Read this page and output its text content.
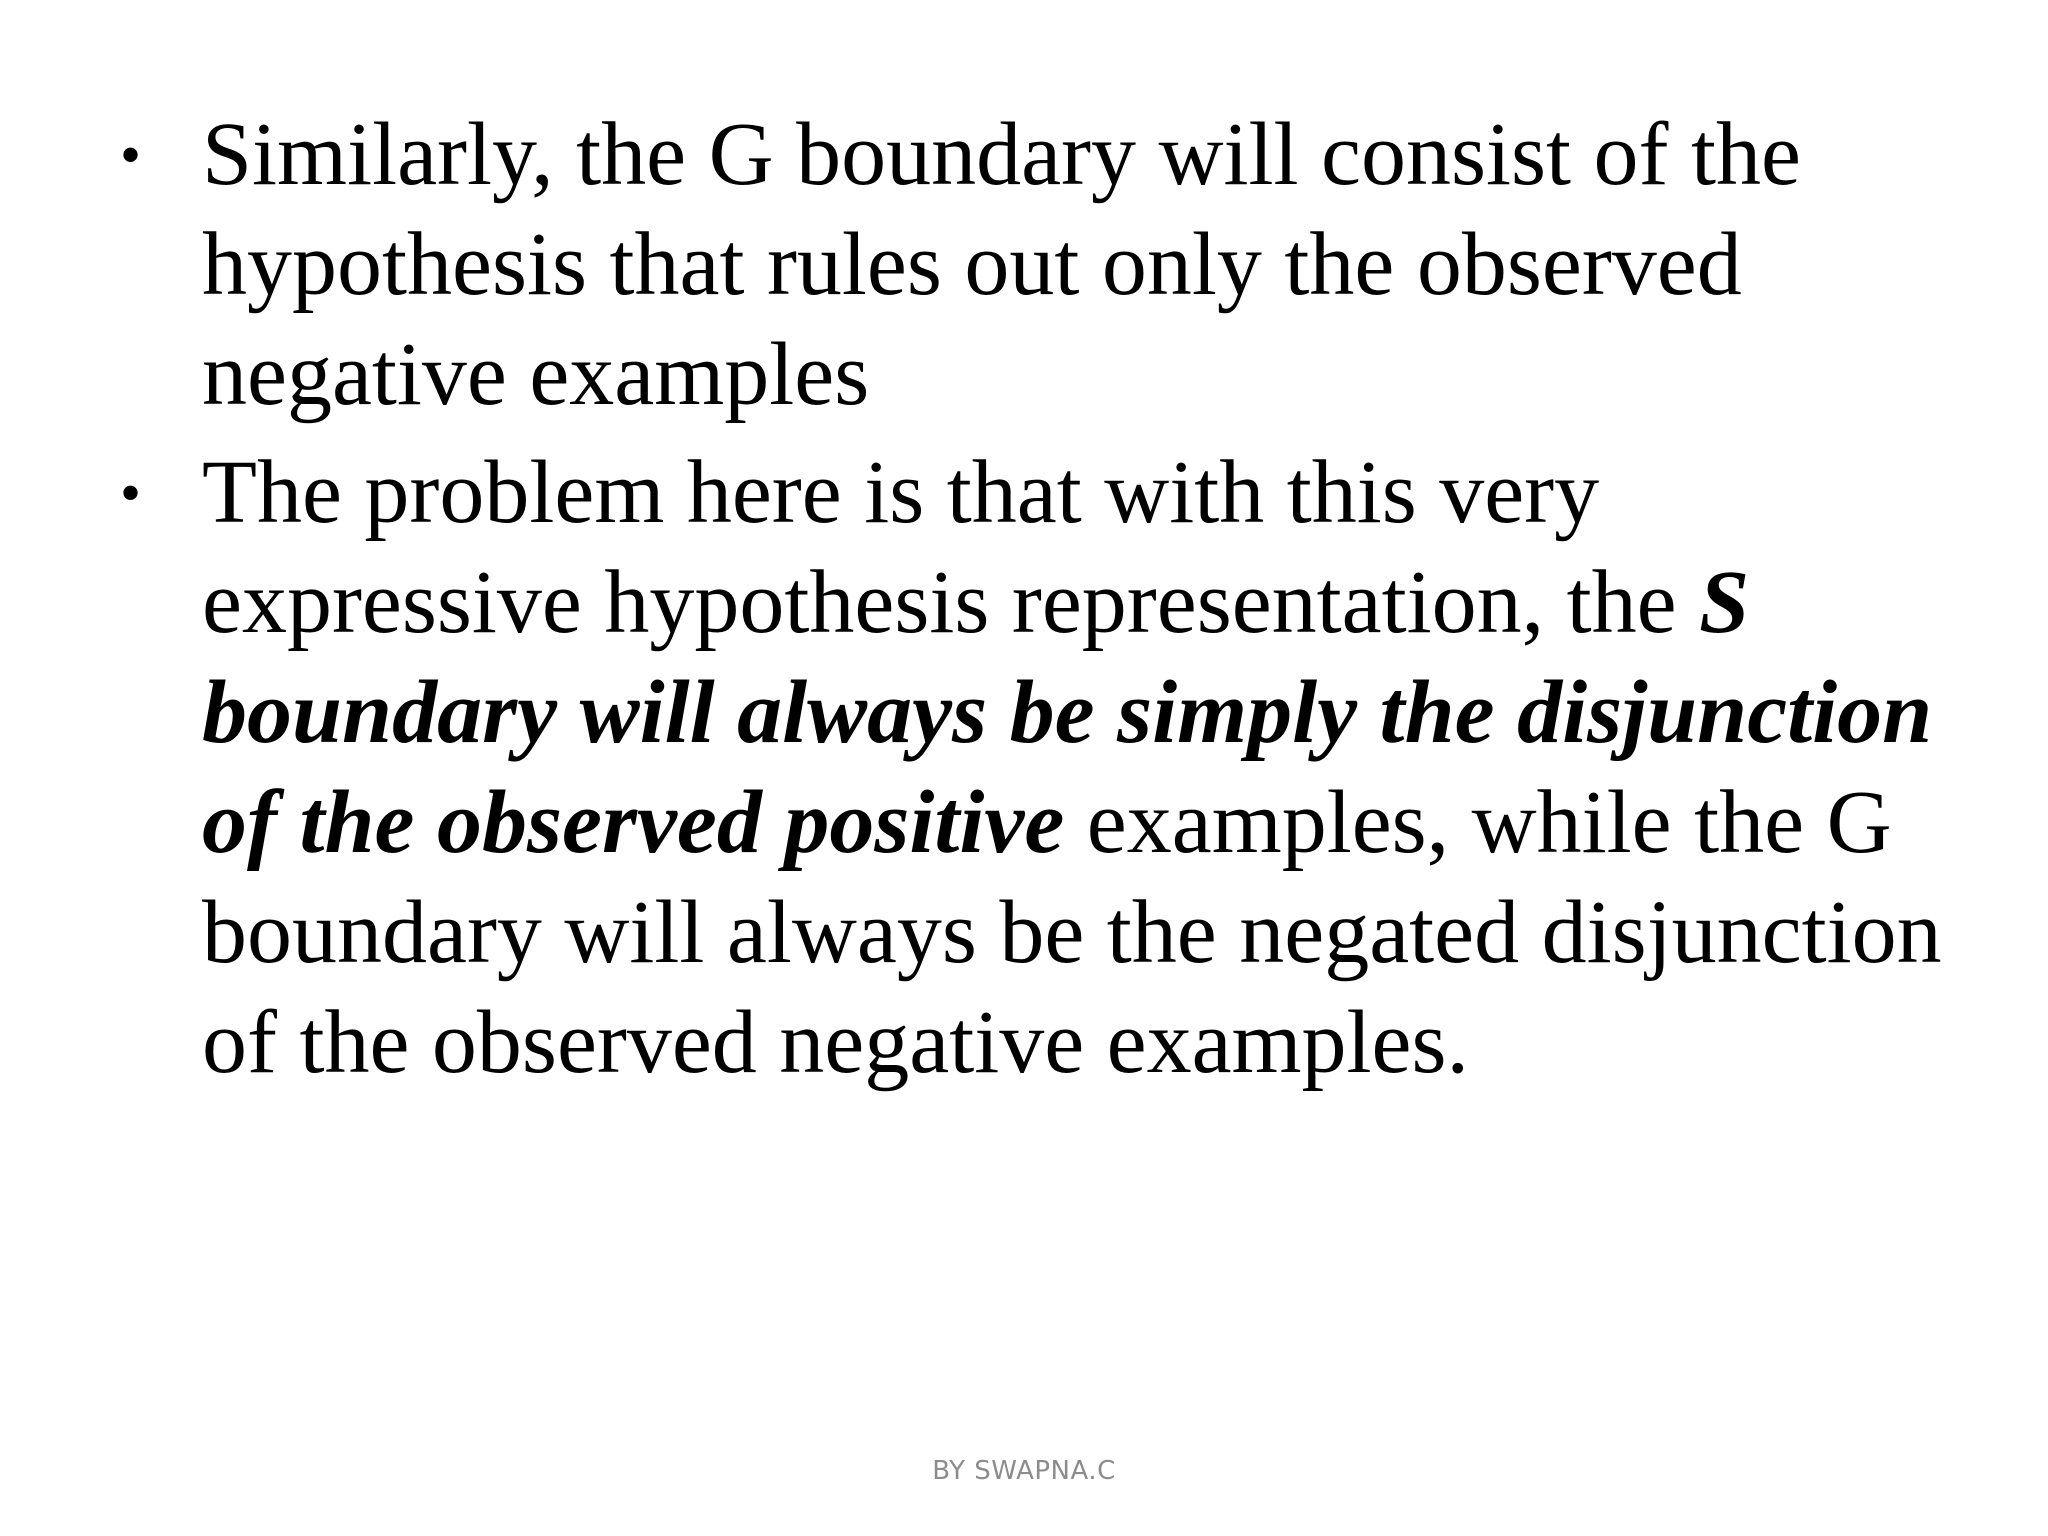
• Similarly, the G boundary will consist of the hypothesis that rules out only the observed negative examples
• The problem here is that with this very expressive hypothesis representation, the S boundary will always be simply the disjunction of the observed positive examples, while the G boundary will always be the negated disjunction of the observed negative examples.
BY SWAPNA.C
